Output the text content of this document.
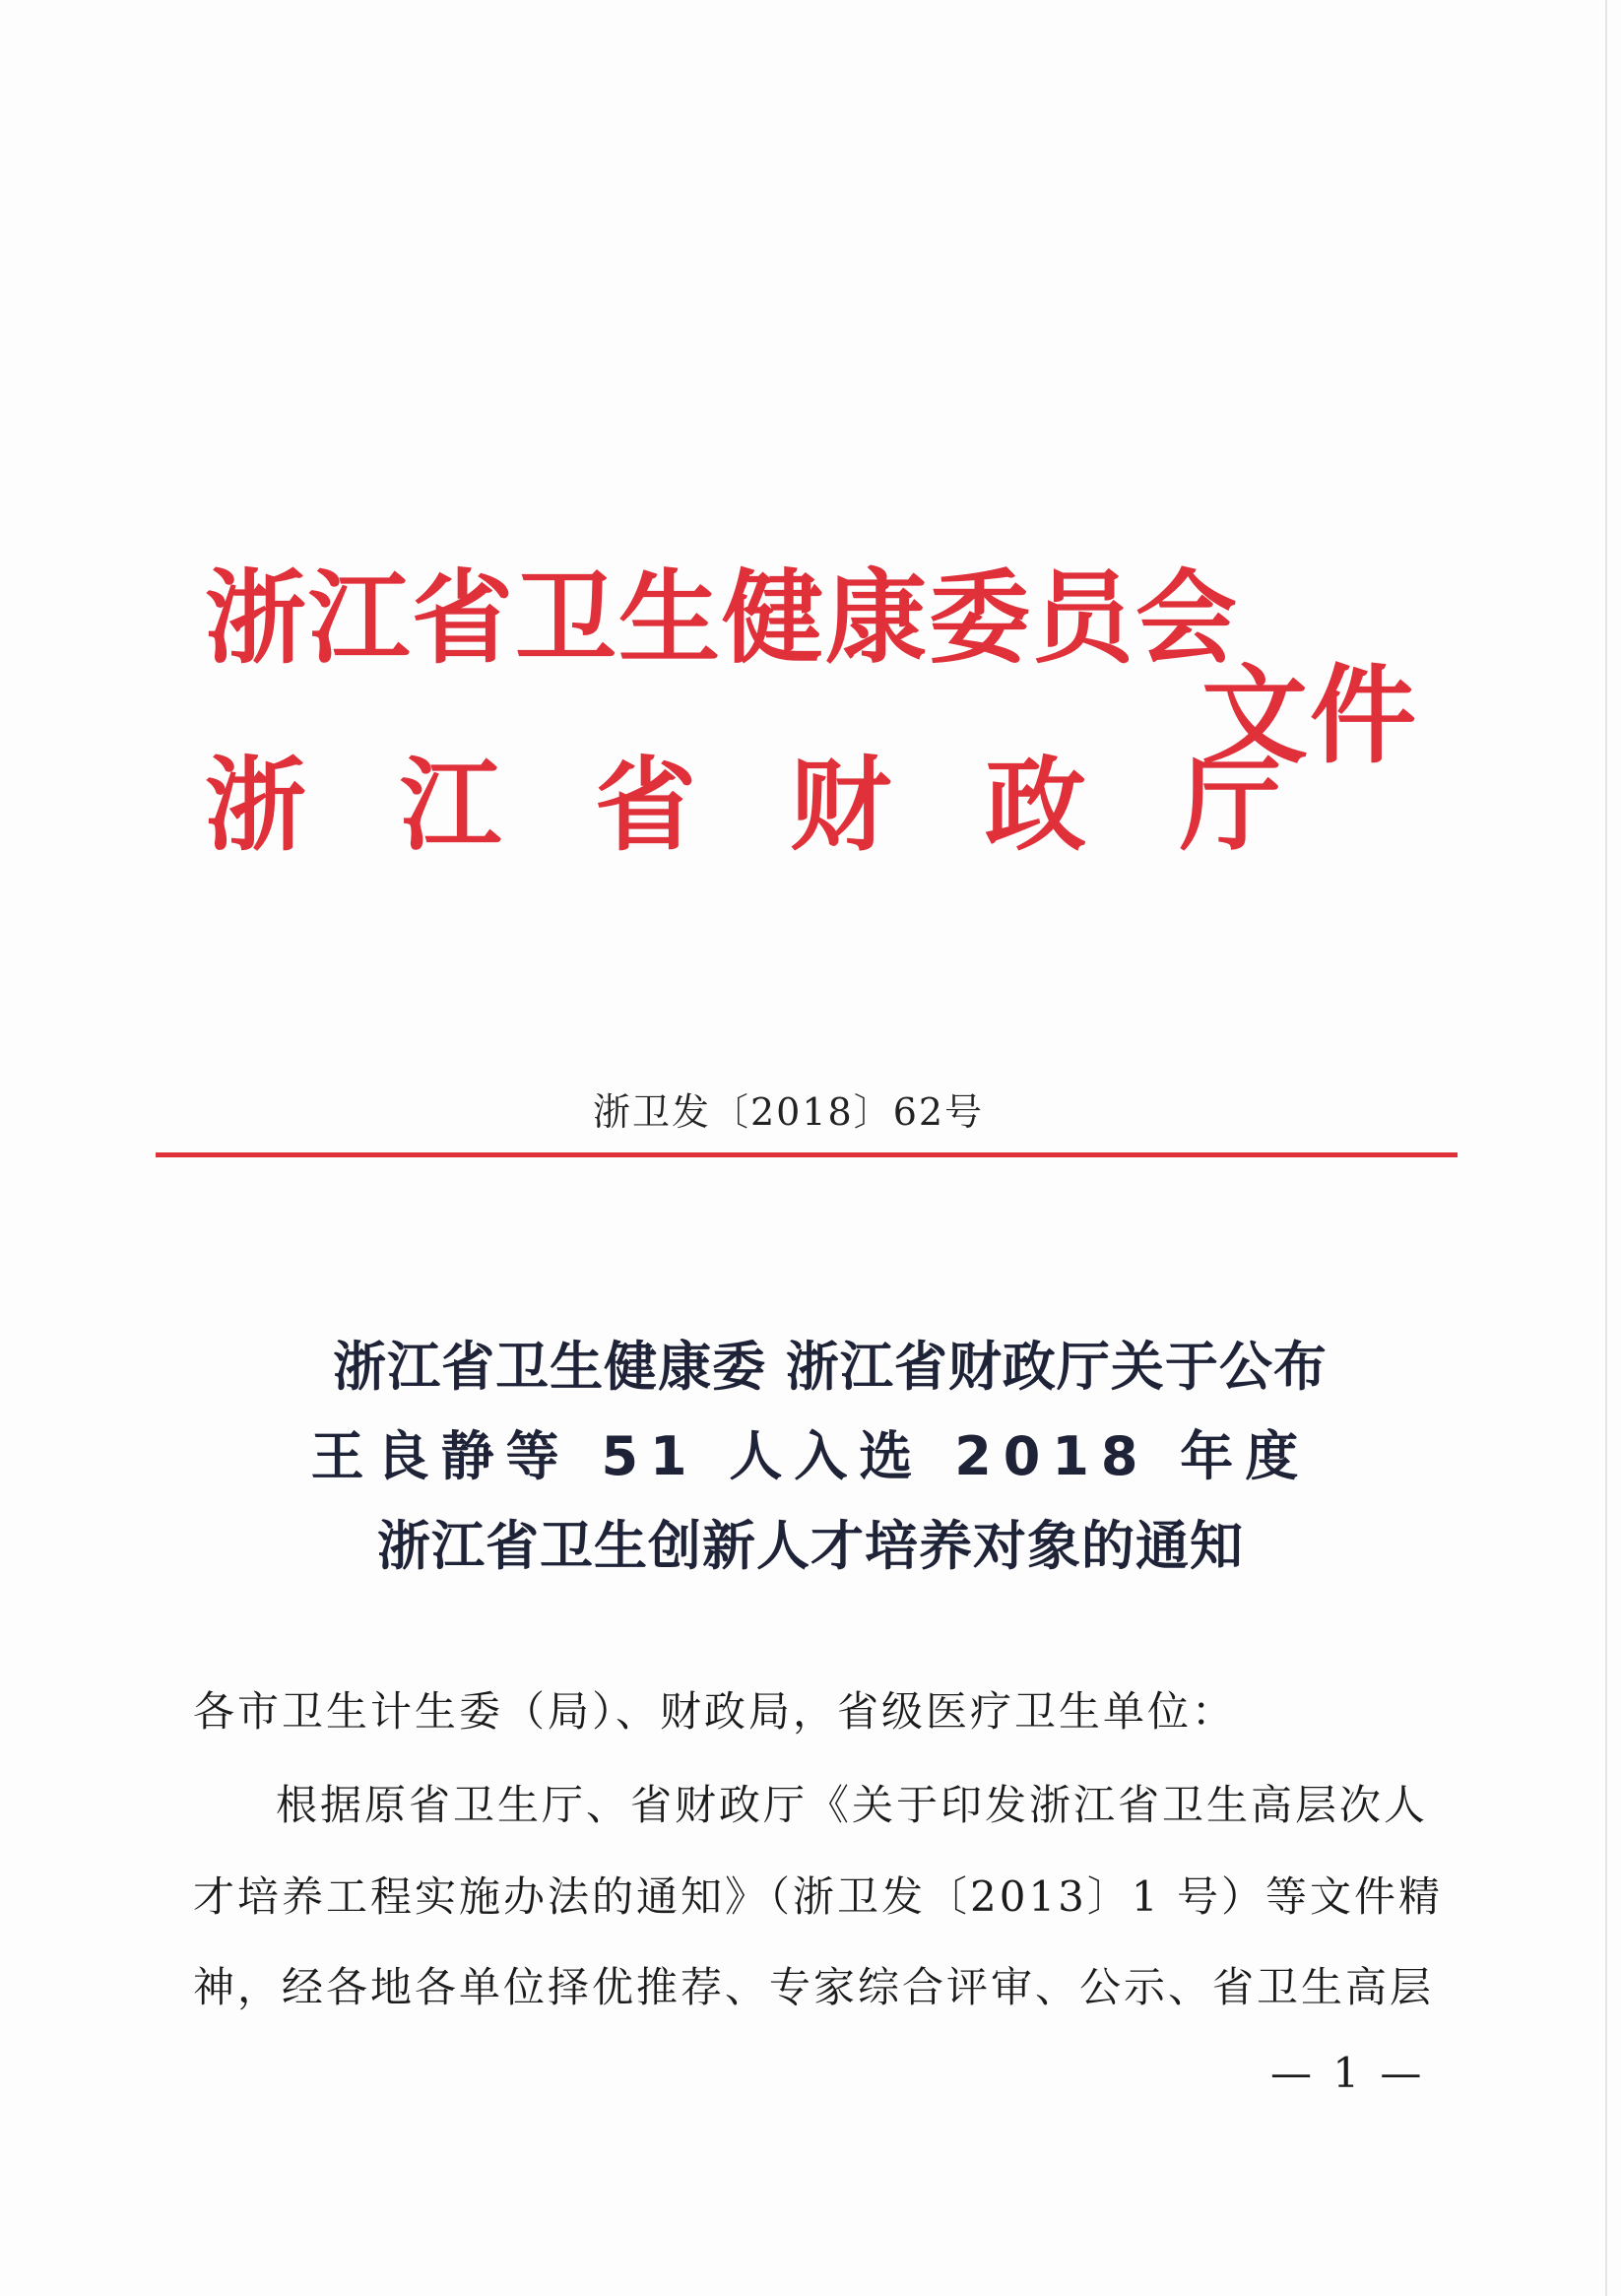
浙江省卫生健康委员会
浙江省财政厅
文件
浙卫发〔2018〕62号
浙江省卫生健康委 浙江省财政厅关于公布
王良静等 51 人入选 2018 年度
浙江省卫生创新人才培养对象的通知
各市卫生计生委（局）、财政局，省级医疗卫生单位：
根据原省卫生厅、省财政厅《关于印发浙江省卫生高层次人
才培养工程实施办法的通知》（浙卫发〔2013〕1 号）等文件精
神，经各地各单位择优推荐、专家综合评审、公示、省卫生高层
— 1 —
